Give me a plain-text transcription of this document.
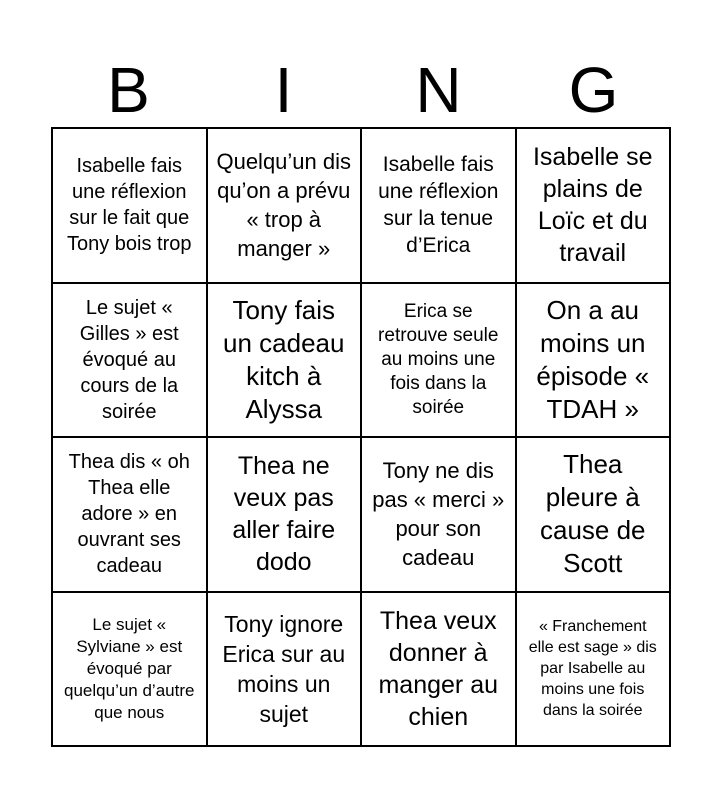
B	I	N	G
Isabelle fais une réflexion sur le fait que Tony bois trop
Quelqu’un dis qu’on a prévu « trop à manger »
Isabelle fais une réflexion sur la tenue d’Erica
Isabelle se plains de Loïc et du travail
Le sujet « Gilles » est évoqué au cours de la soirée
Tony fais un cadeau kitch à Alyssa
Erica se retrouve seule au moins une fois dans la soirée
On a au moins un épisode « TDAH »
Thea dis « oh Thea elle adore » en ouvrant ses cadeau
Thea ne veux pas aller faire dodo
Tony ne dis pas « merci » pour son cadeau
Thea pleure à cause de Scott
Le sujet « Sylviane » est évoqué par quelqu’un d’autre que nous
Tony ignore Erica sur au moins un sujet
Thea veux donner à manger au chien
« Franchement elle est sage » dis par Isabelle au moins une fois dans la soirée
